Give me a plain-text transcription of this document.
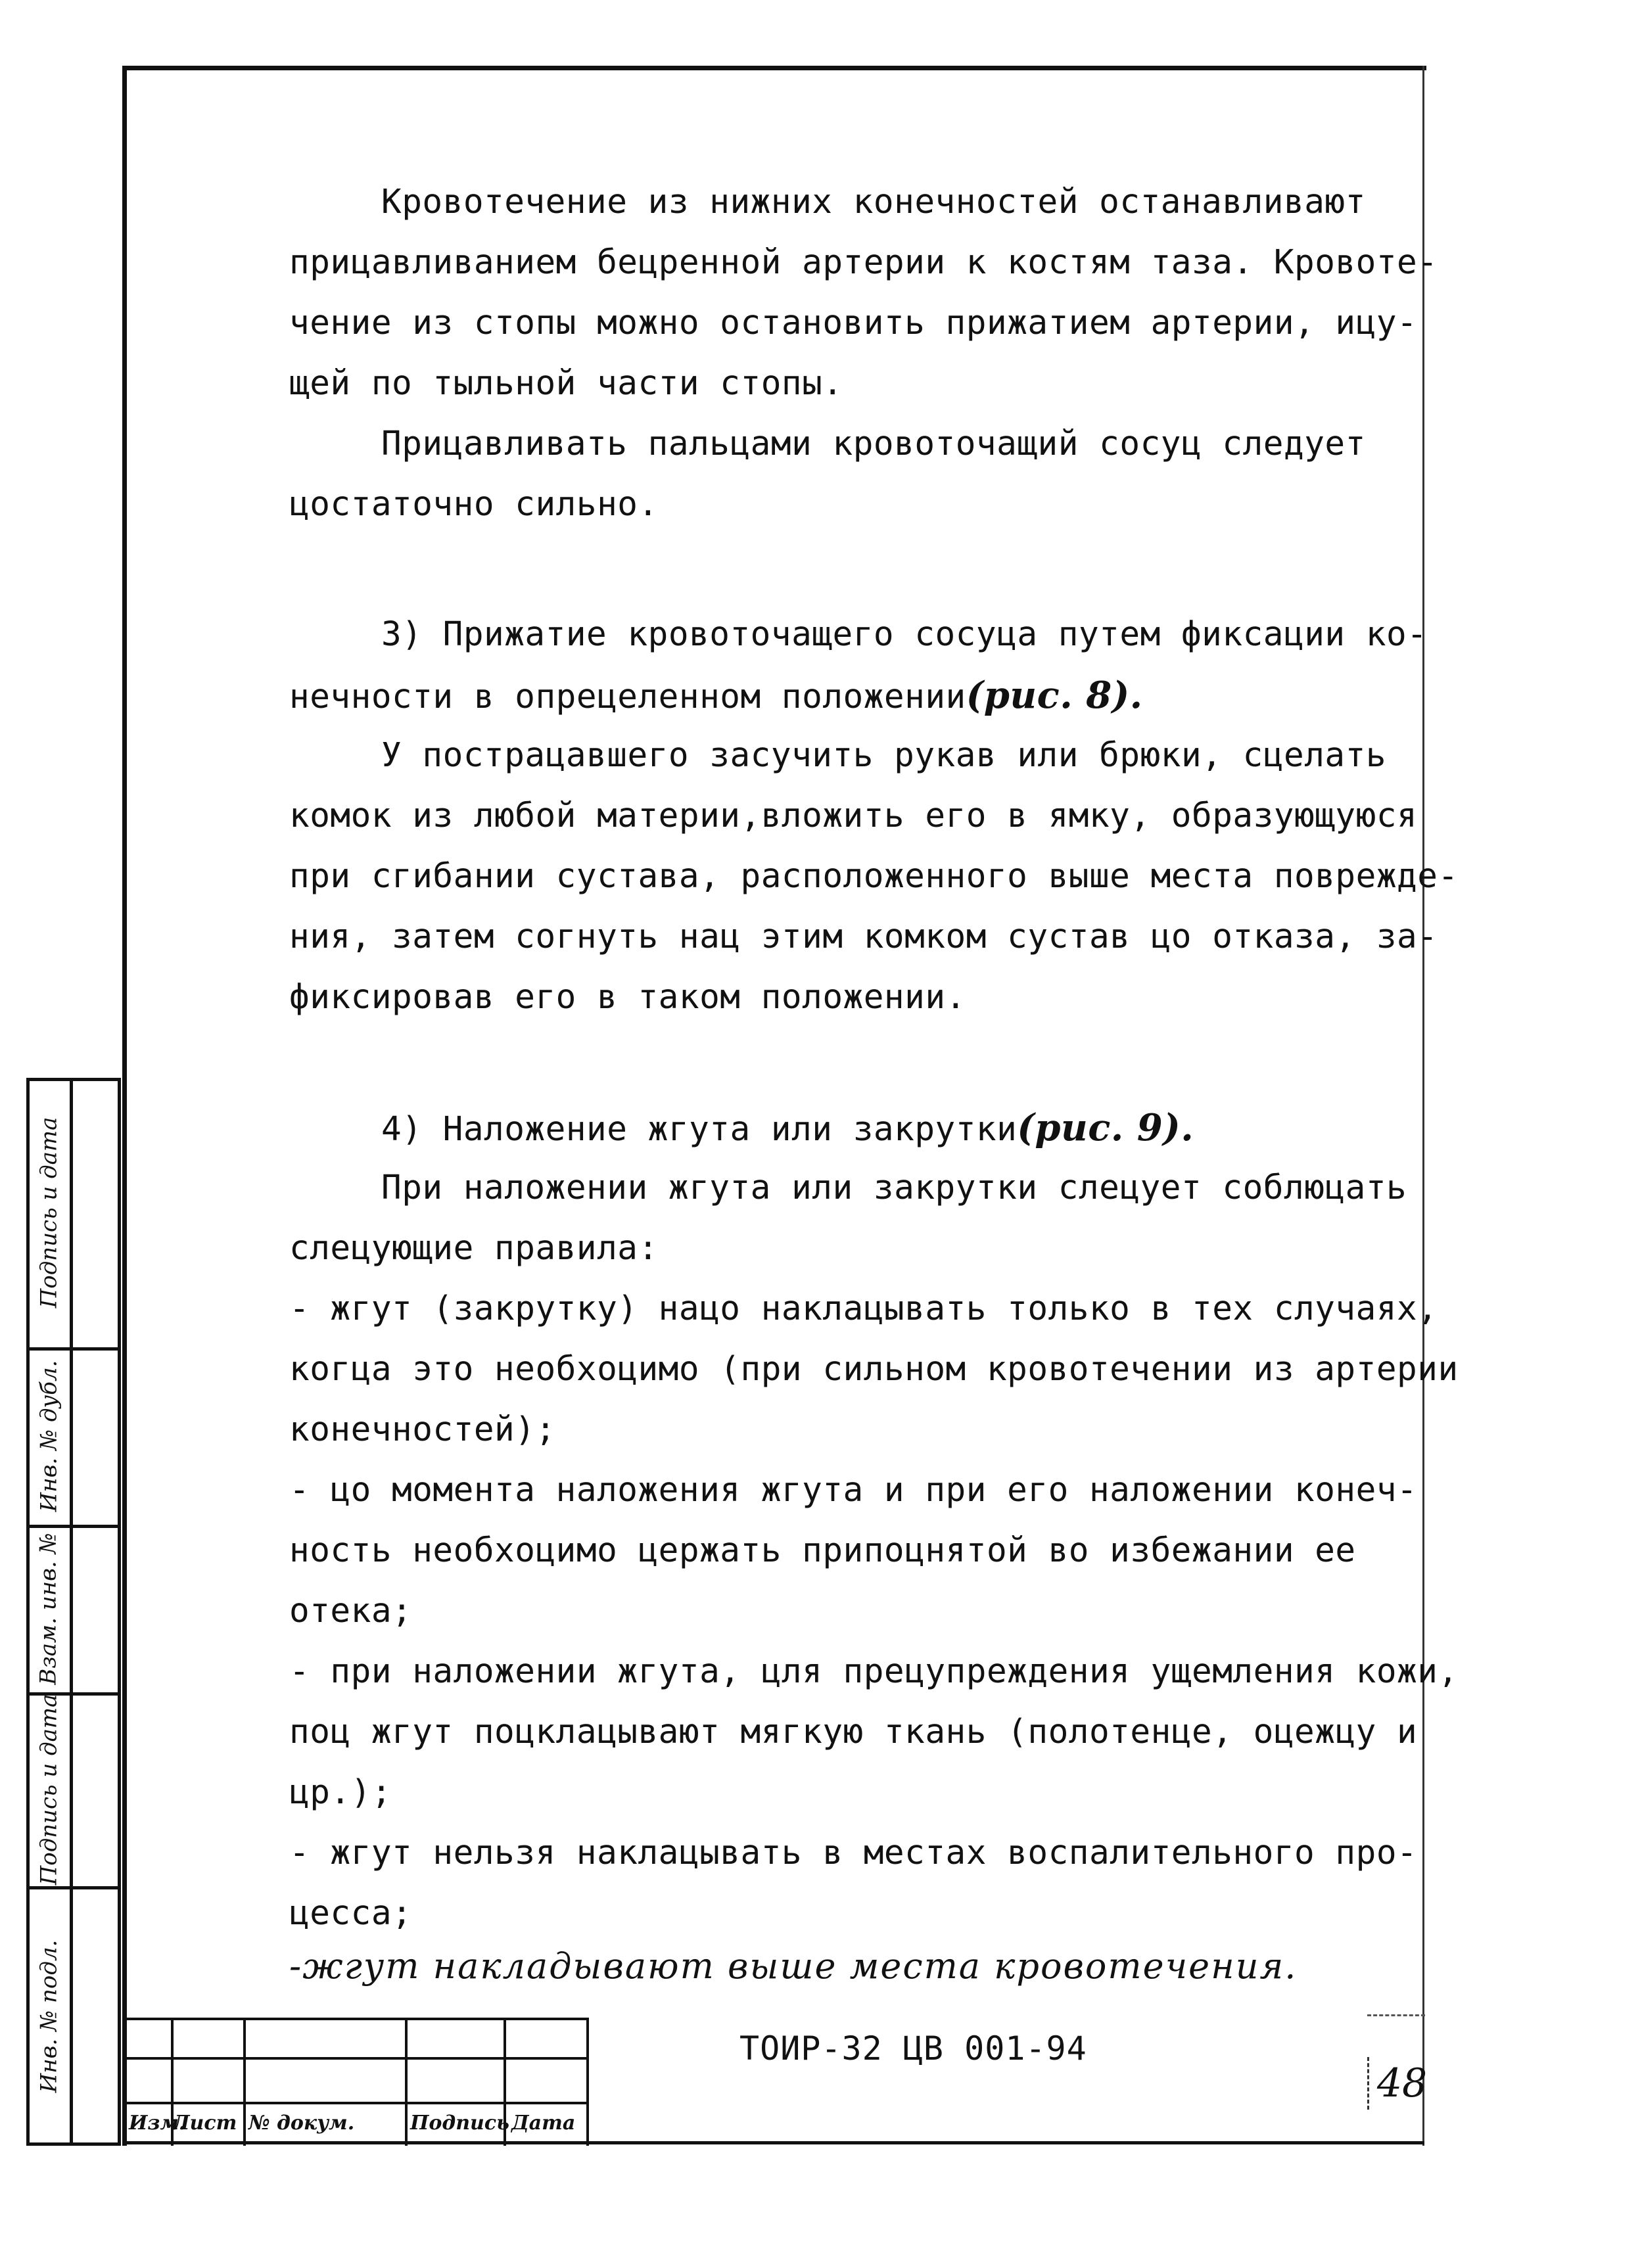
Кровотечение из нижних конечностей останавливают
прицавливанием бецренной артерии к костям таза. Кровоте-
чение из стопы можно остановить прижатием артерии, ицу-
щей по тыльной части стопы.
Прицавливать пальцами кровоточащий сосуц следует
цостаточно сильно.
3) Прижатие кровоточащего сосуца путем фиксации ко-
нечности в опрецеленном положении(рис. 8).
У пострацавшего засучить рукав или брюки, сцелать
комок из любой материи,вложить его в ямку, образующуюся
при сгибании сустава, расположенного выше места поврежде-
ния, затем согнуть нац этим комком сустав цо отказа, за-
фиксировав его в таком положении.
4) Наложение жгута или закрутки(рис. 9).
При наложении жгута или закрутки слецует соблюцать
слецующие правила:
- жгут (закрутку) нацо наклацывать только в тех случаях,
когца это необхоцимо (при сильном кровотечении из артерии
конечностей);
- цо момента наложения жгута и при его наложении конеч-
ность необхоцимо цержать припоцнятой во избежании ее
отека;
- при наложении жгута, цля прецупреждения ущемления кожи,
поц жгут поцклацывают мягкую ткань (полотенце, оцежцу и
цр.);
- жгут нельзя наклацывать в местах воспалительного про-
цесса;
-жгут накладывают выше места кровотечения.
Подпись и дата
Инв. № дубл.
Взам. инв. №
Подпись и дата
Инв. № подл.
Изм.
Лист № докум.	Подпись Дата
ТОИР-32 ЦВ 001-94
48
